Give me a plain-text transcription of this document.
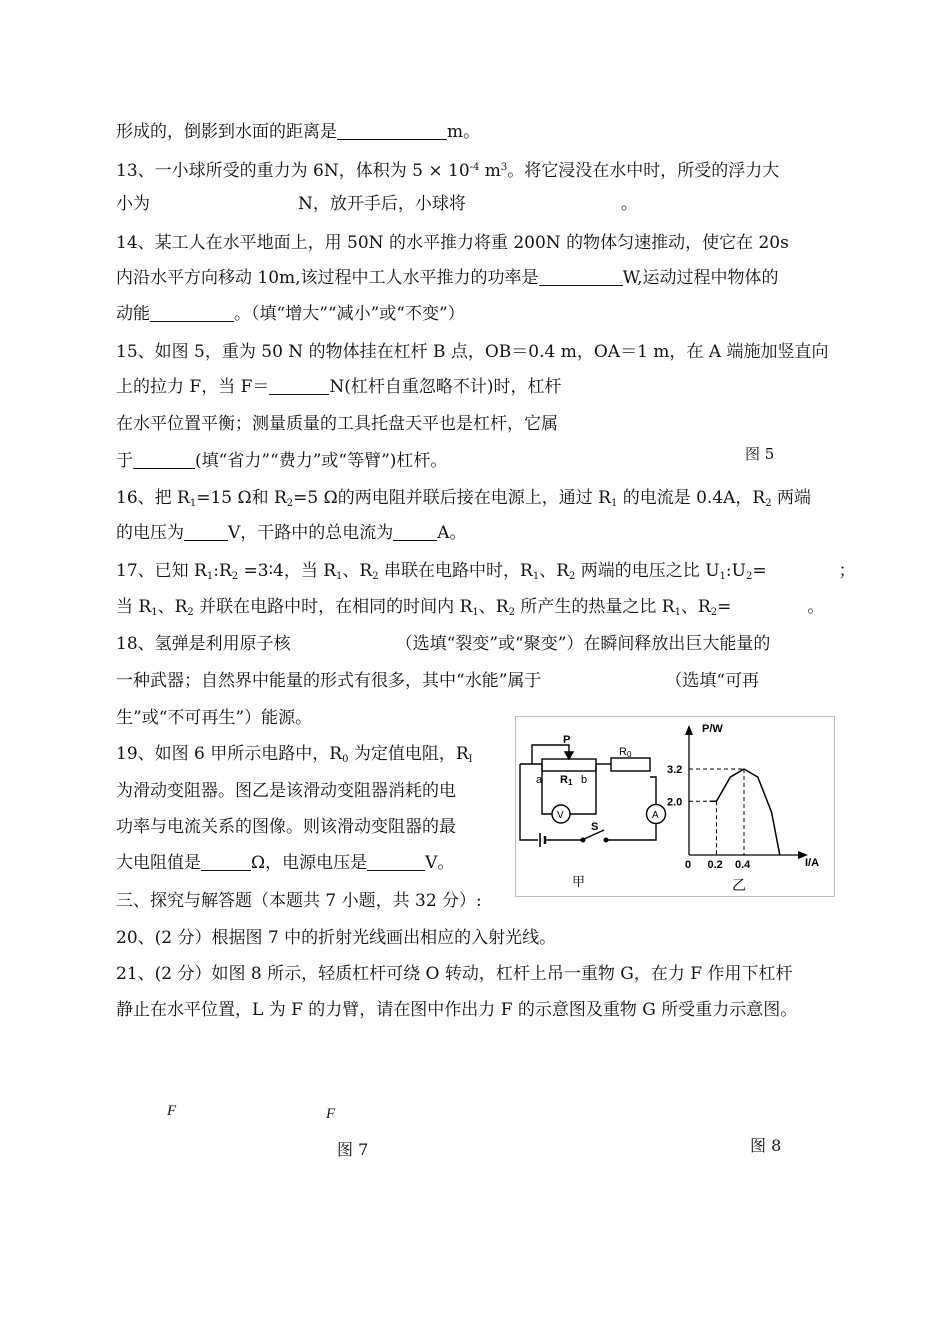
形成的，倒影到水面的距离是	m。
13、一小球所受的重力为 6N，体积为 $5 \times 10^{-4}$ $m^3$。将它浸没在水中时，所受的浮力大
小为	N，放开手后，小球将	。
14、某工人在水平地面上，用 50N 的水平推力将重 200N 的物体匀速推动，使它在 20s
内沿水平方向移动 10m,该过程中工人水平推力的功率是	W,运动过程中物体的
动能	。（填“增大”“减小”或“不变”）
15、如图 5，重为 50 N 的物体挂在杠杆 B 点，OB＝0.4 m，OA＝1 m，在 A 端施加竖直向
上的拉力 F，当 F＝	N(杠杆自重忽略不计)时，杠杆
在水平位置平衡；测量质量的工具托盘天平也是杠杆，它属
于	(填“省力”“费力”或“等臂”)杠杆。	图 5
16、把 $R_1=15$ Ω和 $R_2=5$ Ω的两电阻并联后接在电源上，通过 $R_1$ 的电流是 0.4A，$R_2$ 两端
的电压为	V，干路中的总电流为	A。
17、已知 $R_1:R_2$ =3∶4，当 $R_1$、$R_2$ 串联在电路中时，$R_1$、$R_2$ 两端的电压之比 $U_1:U_2=$	；
当 $R_1$、$R_2$ 并联在电路中时，在相同的时间内 $R_1$、$R_2$ 所产生的热量之比 $R_1$、$R_2=$	。
18、氢弹是利用原子核	（选填“裂变”或“聚变”）在瞬间释放出巨大能量的
一种武器；自然界中能量的形式有很多，其中“水能”属于	（选填“可再
生”或“不可再生”）能源。
19、如图 6 甲所示电路中，$R_0$ 为定值电阻，$R_I$
为滑动变阻器。图乙是该滑动变阻器消耗的电
功率与电流关系的图像。则该滑动变阻器的最
大电阻值是	Ω，电源电压是	V。
P
R0
a R1 b
V	A
S
甲
P/W
I/A
0
3.2
2.0
0.2 0.4
乙
三、探究与解答题（本题共 7 小题，共 32 分）:
20、(2 分）根据图 7 中的折射光线画出相应的入射光线。
21、(2 分）如图 8 所示，轻质杠杆可绕 O 转动，杠杆上吊一重物 G，在力 F 作用下杠杆
静止在水平位置，L 为 F 的力臂，请在图中作出力 F 的示意图及重物 G 所受重力示意图。
F	F
图 7	图 8
